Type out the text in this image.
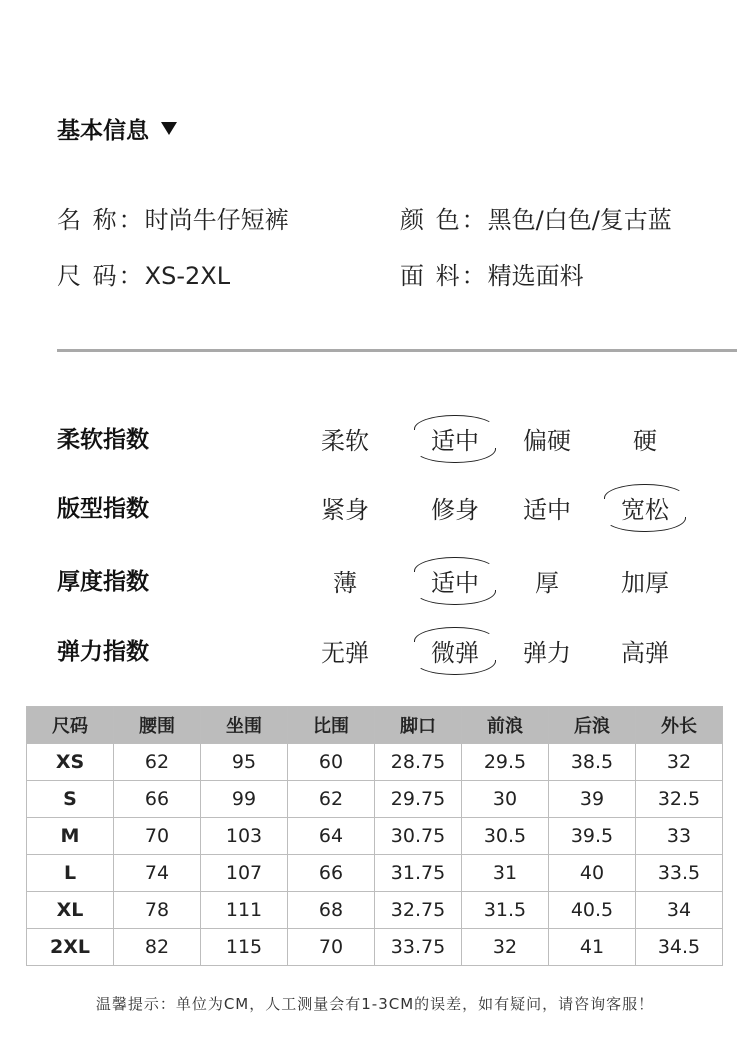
基本信息
名 称：时尚牛仔短裤	颜 色：黑色/白色/复古蓝
尺 码：XS-2XL	面 料：精选面料
柔软指数	柔软	适中	偏硬	硬
版型指数	紧身	修身	适中	宽松
厚度指数	薄	适中	厚	加厚
弹力指数	无弹	微弹	弹力	高弹
尺码	腰围	坐围	比围	脚口	前浪	后浪	外长
XS	62	95	60	28.75	29.5	38.5	32
S	66	99	62	29.75	30	39	32.5
M	70	103	64	30.75	30.5	39.5	33
L	74	107	66	31.75	31	40	33.5
XL	78	111	68	32.75	31.5	40.5	34
2XL	82	115	70	33.75	32	41	34.5
温馨提示：单位为CM，人工测量会有1-3CM的误差，如有疑问，请咨询客服！
